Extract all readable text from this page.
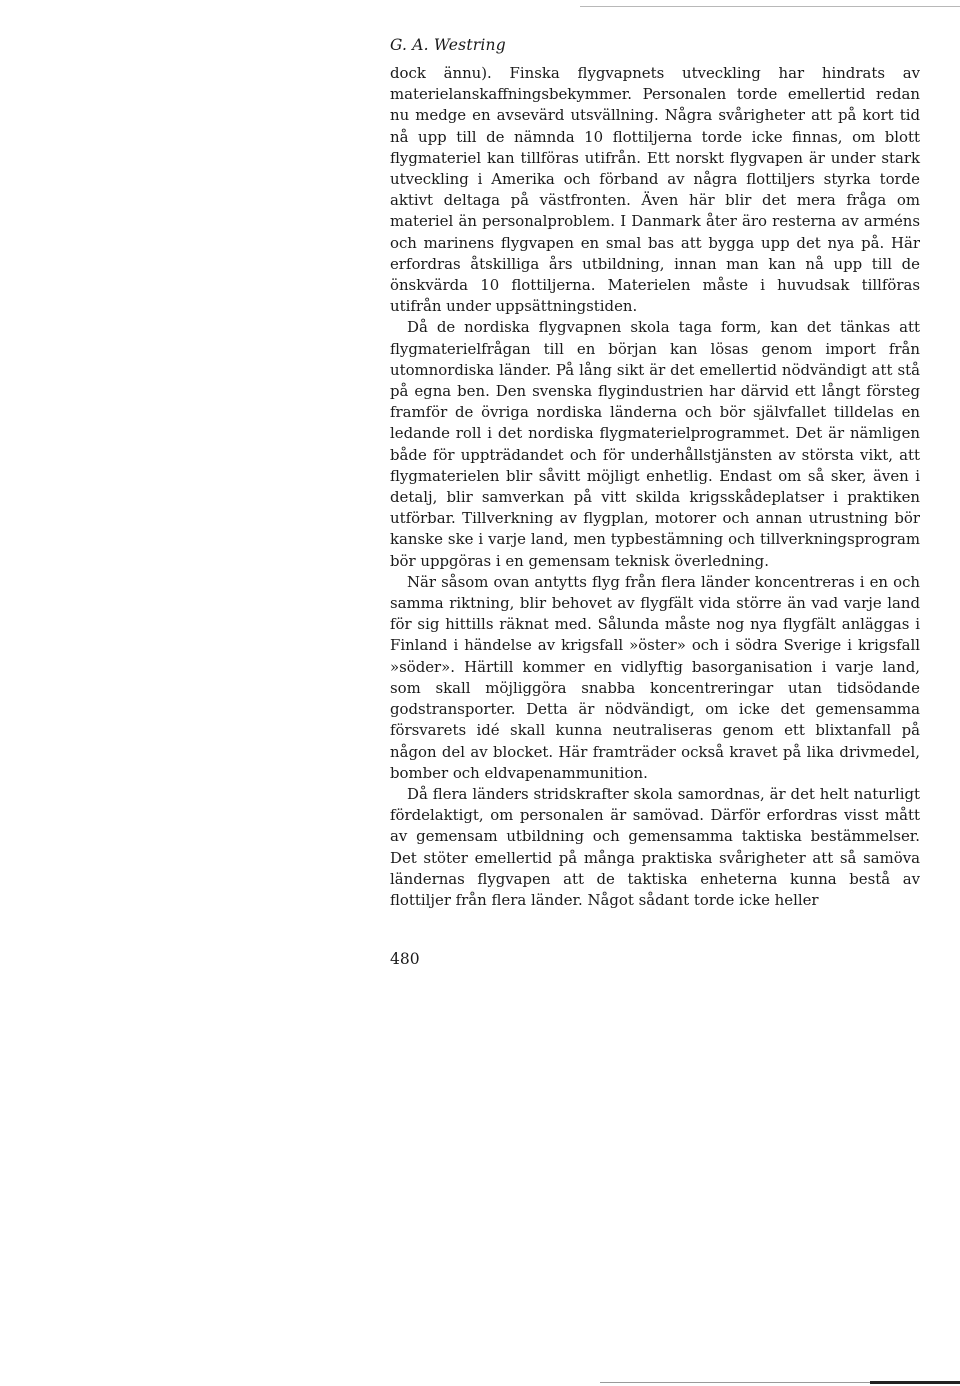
G. A. Westring

dock ännu). Finska flygvapnets utveckling har hindrats av materielanskaffningsbekymmer. Personalen torde emellertid redan nu medge en avsevärd utsvällning. Några svårigheter att på kort tid nå upp till de nämnda 10 flottiljerna torde icke finnas, om blott flygmateriel kan tillföras utifrån. Ett norskt flygvapen är under stark utveckling i Amerika och förband av några flottiljers styrka torde aktivt deltaga på västfronten. Även här blir det mera fråga om materiel än personalproblem. I Danmark åter äro resterna av arméns och marinens flygvapen en smal bas att bygga upp det nya på. Här erfordras åtskilliga års utbildning, innan man kan nå upp till de önskvärda 10 flottiljerna. Materielen måste i huvudsak tillföras utifrån under uppsättningstiden.

Då de nordiska flygvapnen skola taga form, kan det tänkas att flygmaterielfrågan till en början kan lösas genom import från utomnordiska länder. På lång sikt är det emellertid nödvändigt att stå på egna ben. Den svenska flygindustrien har därvid ett långt försteg framför de övriga nordiska länderna och bör självfallet tilldelas en ledande roll i det nordiska flygmaterielprogrammet. Det är nämligen både för uppträdandet och för underhållstjänsten av största vikt, att flygmaterielen blir såvitt möjligt enhetlig. Endast om så sker, även i detalj, blir samverkan på vitt skilda krigsskådeplatser i praktiken utförbar. Tillverkning av flygplan, motorer och annan utrustning bör kanske ske i varje land, men typbestämning och tillverkningsprogram bör uppgöras i en gemensam teknisk överledning.

När såsom ovan antytts flyg från flera länder koncentreras i en och samma riktning, blir behovet av flygfält vida större än vad varje land för sig hittills räknat med. Sålunda måste nog nya flygfält anläggas i Finland i händelse av krigsfall »öster» och i södra Sverige i krigsfall »söder». Härtill kommer en vidlyftig basorganisation i varje land, som skall möjliggöra snabba koncentreringar utan tidsödande godstransporter. Detta är nödvändigt, om icke det gemensamma försvarets idé skall kunna neutraliseras genom ett blixtanfall på någon del av blocket. Här framträder också kravet på lika drivmedel, bomber och eldvapenammunition.

Då flera länders stridskrafter skola samordnas, är det helt naturligt fördelaktigt, om personalen är samövad. Därför erfordras visst mått av gemensam utbildning och gemensamma taktiska bestämmelser. Det stöter emellertid på många praktiska svårigheter att så samöva ländernas flygvapen att de taktiska enheterna kunna bestå av flottiljer från flera länder. Något sådant torde icke heller

480
